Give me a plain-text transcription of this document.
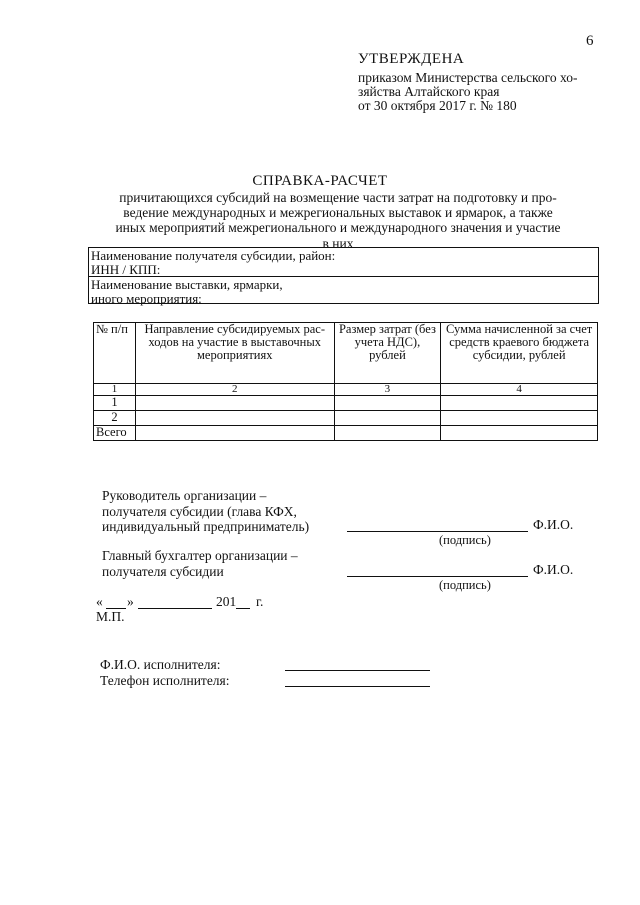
6
УТВЕРЖДЕНА
приказом Министерства сельского хо-
зяйства Алтайского края
от 30 октября 2017 г. № 180
СПРАВКА-РАСЧЕТ
причитающихся субсидий на возмещение части затрат на подготовку и про-
ведение международных и межрегиональных выставок и ярмарок, а также
иных мероприятий межрегионального и международного значения и участие
в них
Наименование получателя субсидии, район:
ИНН / КПП:
Наименование выставки, ярмарки,
иного мероприятия:
№ п/п	Направление субсидируемых рас-ходов на участие в выставочных мероприятиях	Размер затрат (без учета НДС), рублей	Сумма начисленной за счет средств краевого бюджета субсидии, рублей
1	2	3	4
1			
2			
Всего			
Руководитель организации –
получателя субсидии (глава КФХ,
индивидуальный предприниматель)	Ф.И.О.
(подпись)
Главный бухгалтер организации –
получателя субсидии	Ф.И.О.
(подпись)
« »	201 г.
М.П.
Ф.И.О. исполнителя:
Телефон исполнителя:
